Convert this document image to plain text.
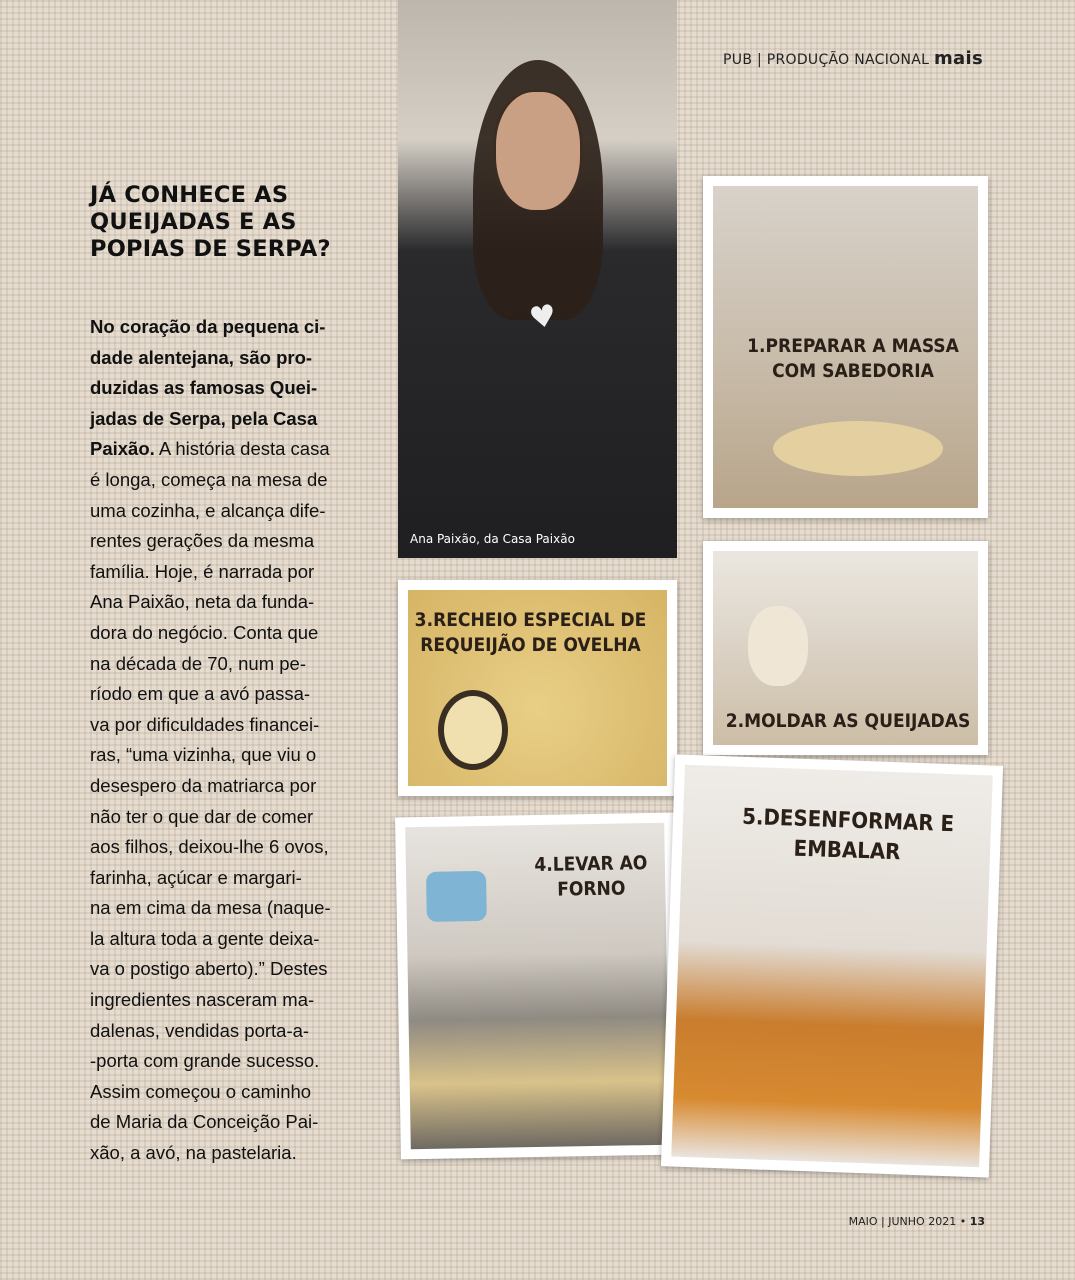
PUB | PRODUÇÃO NACIONAL mais
JÁ CONHECE AS QUEIJADAS E AS POPIAS DE SERPA?
No coração da pequena ci-
dade alentejana, são pro-
duzidas as famosas Quei-
jadas de Serpa, pela Casa
Paixão. A história desta casa
é longa, começa na mesa de
uma cozinha, e alcança dife-
rentes gerações da mesma
família. Hoje, é narrada por
Ana Paixão, neta da funda-
dora do negócio. Conta que
na década de 70, num pe-
ríodo em que a avó passa-
va por dificuldades financei-
ras, “uma vizinha, que viu o
desespero da matriarca por
não ter o que dar de comer
aos filhos, deixou-lhe 6 ovos,
farinha, açúcar e margari-
na em cima da mesa (naque-
la altura toda a gente deixa-
va o postigo aberto).” Destes
ingredientes nasceram ma-
dalenas, vendidas porta-a-
-porta com grande sucesso.
Assim começou o caminho
de Maria da Conceição Pai-
xão, a avó, na pastelaria.
♥
Ana Paixão, da Casa Paixão
1.PREPARAR A MASSA COM SABEDORIA
2.MOLDAR AS QUEIJADAS
3.RECHEIO ESPECIAL DE REQUEIJÃO DE OVELHA
4.LEVAR AO FORNO
5.DESENFORMAR E EMBALAR
MAIO | JUNHO 2021 • 13
